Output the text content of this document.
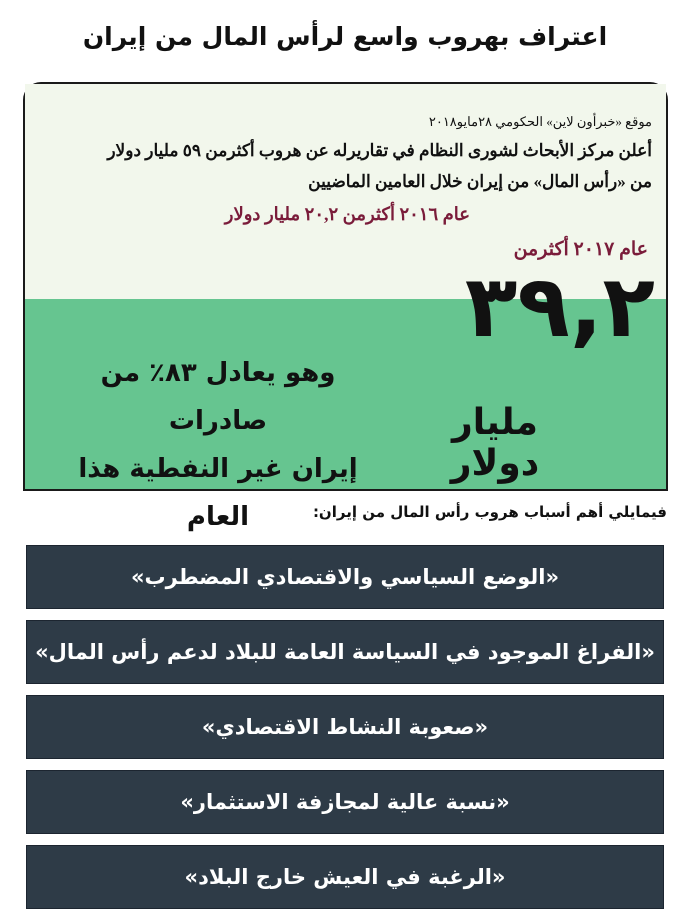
اعتراف بهروب واسع لرأس المال من إيران
موقع «خبرأون لاين» الحكومي ٢٨مايو٢٠١٨
أعلن مركز الأبحاث لشورى النظام في تقاريرله عن هروب أكثرمن ٥٩ مليار دولار
من «رأس المال» من إيران خلال العامين الماضيين
عام ٢٠١٦ أكثرمن ٢٠,٢ مليار دولار
عام ٢٠١٧ أكثرمن
٣٩,٢
مليار دولار
وهو يعادل ٨٣٪ من صادرات
إيران غير النفطية هذا العام	فيمايلي أهم أسباب هروب رأس المال من إيران:
«الوضع السياسي والاقتصادي المضطرب»
«الفراغ الموجود في السياسة العامة للبلاد لدعم رأس المال»
«صعوبة النشاط الاقتصادي»
«نسبة عالية لمجازفة الاستثمار»
«الرغبة في العيش خارج البلاد»
